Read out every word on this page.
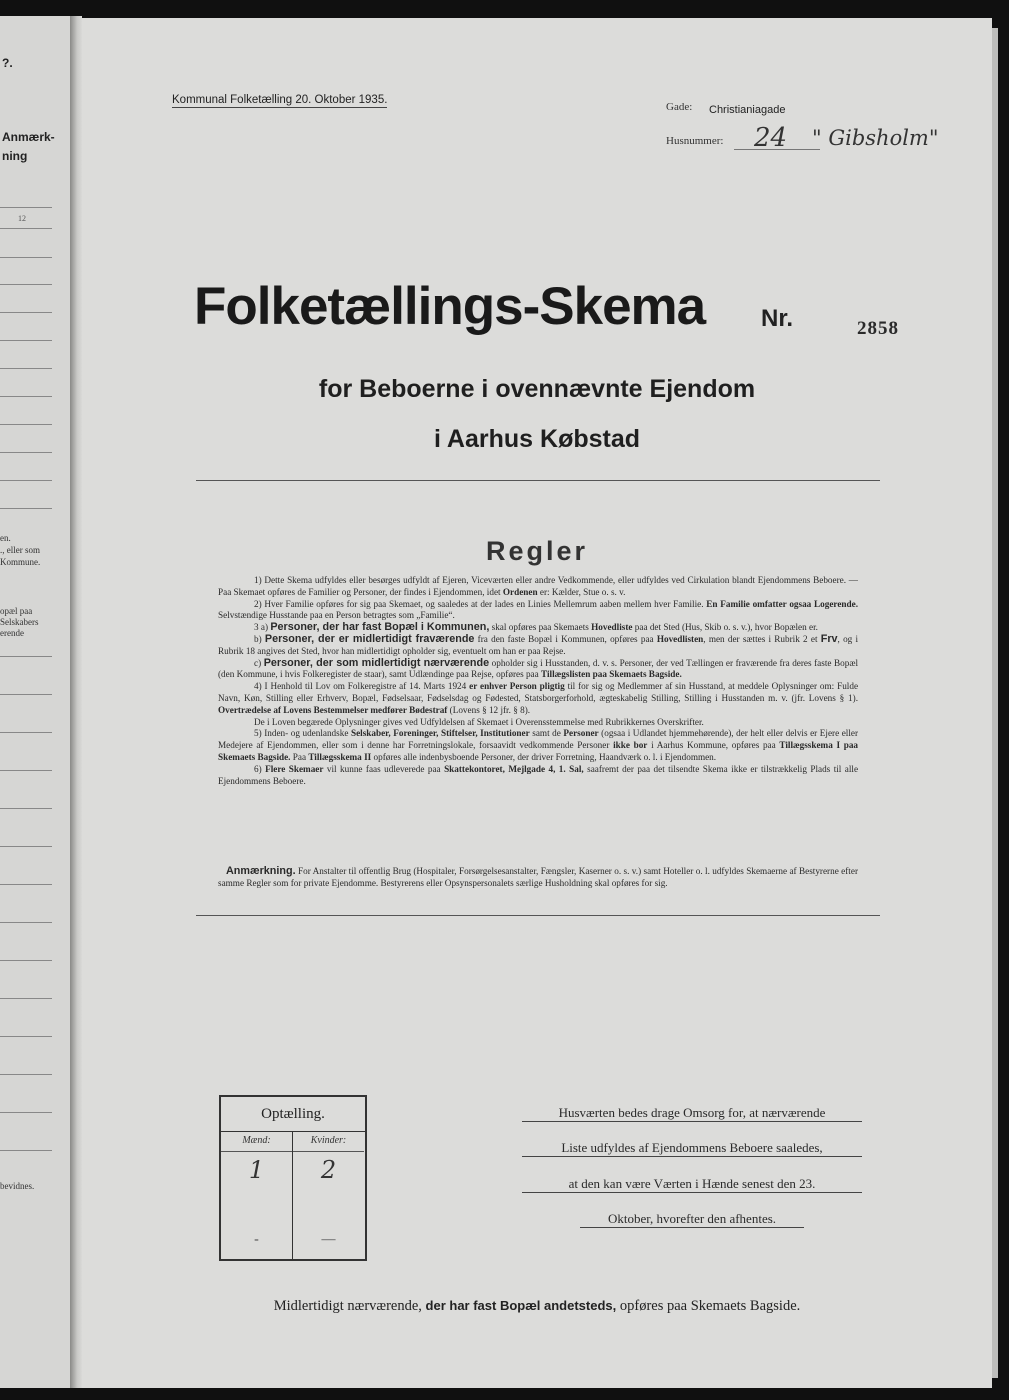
?.
Anmærk-
ning
12
en.
., eller som
Kommune.
opæl paa
Selskabers
erende
bevidnes.
Kommunal Folketælling 20. Oktober 1935.
Gade: Christianiagade
Husnummer: 24 " Gibsholm"
Folketællings-Skema Nr.	2858
for Beboerne i ovennævnte Ejendom
i Aarhus Købstad
Regler

1) Dette Skema udfyldes eller besørges udfyldt af Ejeren, Viceværten eller andre Vedkommende, eller udfyldes ved Cirkulation blandt Ejendommens Beboere. — Paa Skemaet opføres de Familier og Personer, der findes i Ejendommen, idet Ordenen er: Kælder, Stue o. s. v.

2) Hver Familie opføres for sig paa Skemaet, og saaledes at der lades en Linies Mellemrum aaben mellem hver Familie. En Familie omfatter ogsaa Logerende. Selvstændige Husstande paa en Person betragtes som „Familie“.

3 a) Personer, der har fast Bopæl i Kommunen, skal opføres paa Skemaets Hovedliste paa det Sted (Hus, Skib o. s. v.), hvor Bopælen er.

b) Personer, der er midlertidigt fraværende fra den faste Bopæl i Kommunen, opføres paa Hovedlisten, men der sættes i Rubrik 2 et Frv, og i Rubrik 18 angives det Sted, hvor han midlertidigt opholder sig, eventuelt om han er paa Rejse.

c) Personer, der som midlertidigt nærværende opholder sig i Husstanden, d. v. s. Personer, der ved Tællingen er fraværende fra deres faste Bopæl (den Kommune, i hvis Folkeregister de staar), samt Udlændinge paa Rejse, opføres paa Tillægslisten paa Skemaets Bagside.

4) I Henhold til Lov om Folkeregistre af 14. Marts 1924 er enhver Person pligtig til for sig og Medlemmer af sin Husstand, at meddele Oplysninger om: Fulde Navn, Køn, Stilling eller Erhverv, Bopæl, Fødselsaar, Fødselsdag og Fødested, Statsborgerforhold, ægteskabelig Stilling, Stilling i Husstanden m. v. (jfr. Lovens § 1). Overtrædelse af Lovens Bestemmelser medfører Bødestraf (Lovens § 12 jfr. § 8).

De i Loven begærede Oplysninger gives ved Udfyldelsen af Skemaet i Overensstemmelse med Rubrikkernes Overskrifter.

5) Inden- og udenlandske Selskaber, Foreninger, Stiftelser, Institutioner samt de Personer (ogsaa i Udlandet hjemmehørende), der helt eller delvis er Ejere eller Medejere af Ejendommen, eller som i denne har Forretningslokale, forsaavidt vedkommende Personer ikke bor i Aarhus Kommune, opføres paa Tillægsskema I paa Skemaets Bagside. Paa Tillægsskema II opføres alle indenbysboende Personer, der driver Forretning, Haandværk o. l. i Ejendommen.

6) Flere Skemaer vil kunne faas udleverede paa Skattekontoret, Mejlgade 4, 1. Sal, saafremt der paa det tilsendte Skema ikke er tilstrækkelig Plads til alle Ejendommens Beboere.

Anmærkning. For Anstalter til offentlig Brug (Hospitaler, Forsørgelsesanstalter, Fængsler, Kaserner o. s. v.) samt Hoteller o. l. udfyldes Skemaerne af Bestyrerne efter samme Regler som for private Ejendomme. Bestyrerens eller Opsynspersonalets særlige Husholdning skal opføres for sig.

Optælling.
Mænd:
1
-
Kvinder:
2
—
Husværten bedes drage Omsorg for, at nærværende
Liste udfyldes af Ejendommens Beboere saaledes,
at den kan være Værten i Hænde senest den 23.
Oktober, hvorefter den afhentes.
Midlertidigt nærværende, der har fast Bopæl andetsteds, opføres paa Skemaets Bagside.
